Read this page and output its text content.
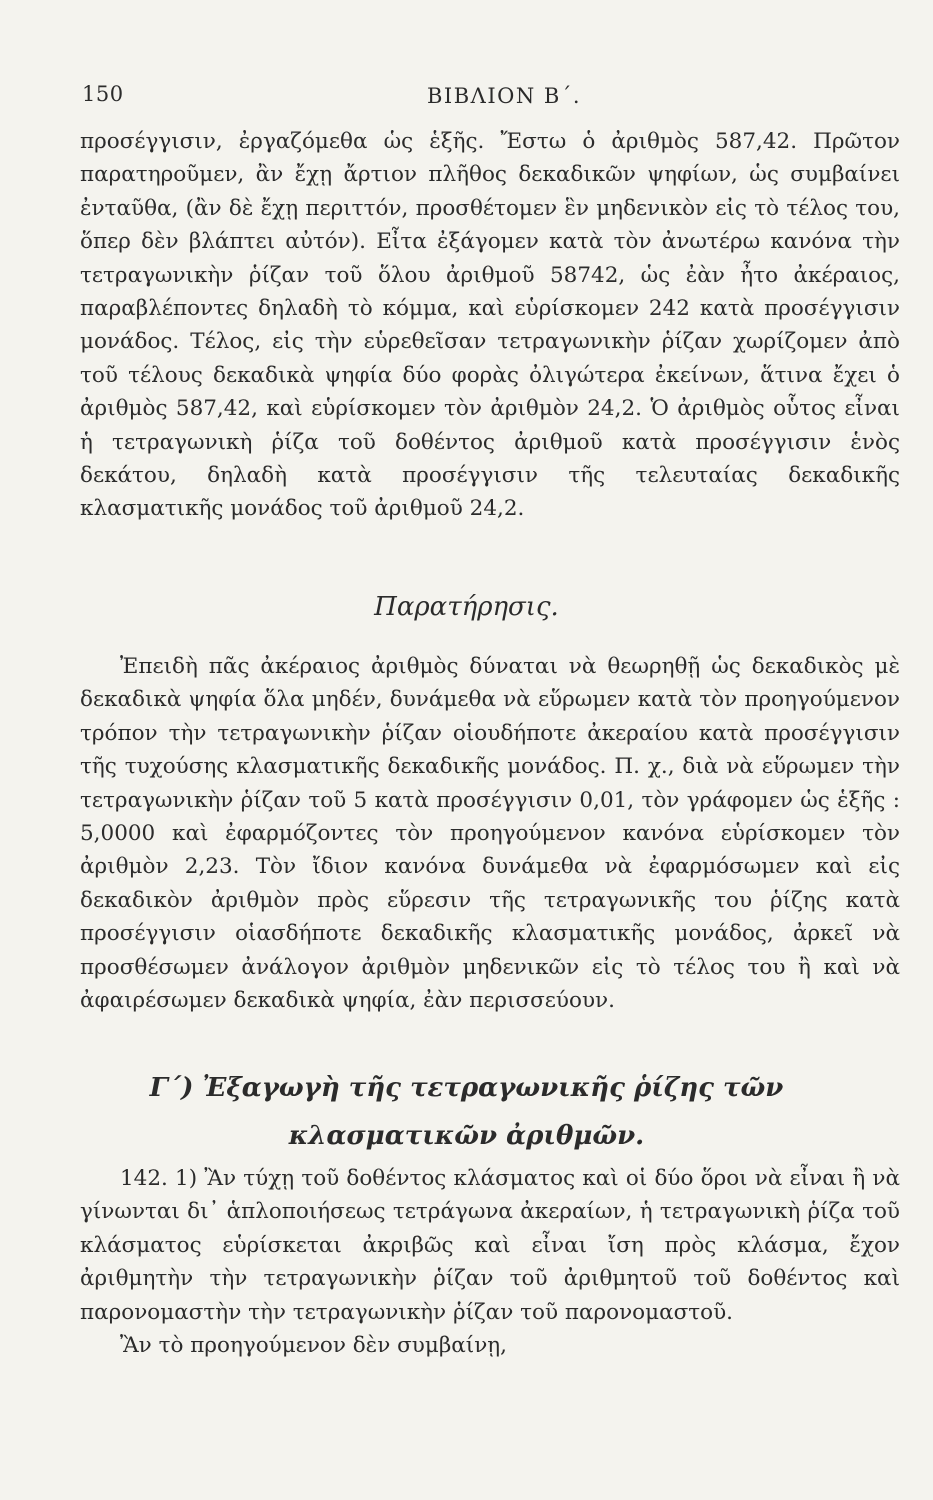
150	ΒΙΒΛΙΟΝ Β΄.

προσέγγισιν, ἐργαζόμεθα ὡς ἑξῆς. Ἔστω ὁ ἀριθμὸς 587,42. Πρῶτον παρατηροῦμεν, ἂν ἔχῃ ἄρτιον πλῆθος δεκαδικῶν ψηφίων, ὡς συμβαίνει ἐνταῦθα, (ἂν δὲ ἔχῃ περιττόν, προσθέτομεν ἓν μηδενικὸν εἰς τὸ τέλος του, ὅπερ δὲν βλάπτει αὐτόν). Εἶτα ἐξάγομεν κατὰ τὸν ἀνωτέρω κανόνα τὴν τετραγωνικὴν ῥίζαν τοῦ ὅλου ἀριθμοῦ 58742, ὡς ἐὰν ἦτο ἀκέραιος, παραβλέποντες δηλαδὴ τὸ κόμμα, καὶ εὑρίσκομεν 242 κατὰ προσέγγισιν μονάδος. Τέλος, εἰς τὴν εὑρεθεῖσαν τετραγωνικὴν ῥίζαν χωρίζομεν ἀπὸ τοῦ τέλους δεκαδικὰ ψηφία δύο φορὰς ὀλιγώτερα ἐκείνων, ἅτινα ἔχει ὁ ἀριθμὸς 587,42, καὶ εὑρίσκομεν τὸν ἀριθμὸν 24,2. Ὁ ἀριθμὸς οὗτος εἶναι ἡ τετραγωνικὴ ῥίζα τοῦ δοθέντος ἀριθμοῦ κατὰ προσέγγισιν ἑνὸς δεκάτου, δηλαδὴ κατὰ προσέγγισιν τῆς τελευταίας δεκαδικῆς κλασματικῆς μονάδος τοῦ ἀριθμοῦ 24,2.

Παρατήρησις.

Ἐπειδὴ πᾶς ἀκέραιος ἀριθμὸς δύναται νὰ θεωρηθῇ ὡς δεκαδικὸς μὲ δεκαδικὰ ψηφία ὅλα μηδέν, δυνάμεθα νὰ εὕρωμεν κατὰ τὸν προηγούμενον τρόπον τὴν τετραγωνικὴν ῥίζαν οἱουδήποτε ἀκεραίου κατὰ προσέγγισιν τῆς τυχούσης κλασματικῆς δεκαδικῆς μονάδος. Π. χ., διὰ νὰ εὕρωμεν τὴν τετραγωνικὴν ῥίζαν τοῦ 5 κατὰ προσέγγισιν 0,01, τὸν γράφομεν ὡς ἑξῆς : 5,0000 καὶ ἐφαρμόζοντες τὸν προηγούμενον κανόνα εὑρίσκομεν τὸν ἀριθμὸν 2,23. Τὸν ἴδιον κανόνα δυνάμεθα νὰ ἐφαρμόσωμεν καὶ εἰς δεκαδικὸν ἀριθμὸν πρὸς εὕρεσιν τῆς τετραγωνικῆς του ῥίζης κατὰ προσέγγισιν οἱασδήποτε δεκαδικῆς κλασματικῆς μονάδος, ἀρκεῖ νὰ προσθέσωμεν ἀνάλογον ἀριθμὸν μηδενικῶν εἰς τὸ τέλος του ἢ καὶ νὰ ἀφαιρέσωμεν δεκαδικὰ ψηφία, ἐὰν περισσεύουν.

Γ΄) Ἐξαγωγὴ τῆς τετραγωνικῆς ῥίζης τῶν
κλασματικῶν ἀριθμῶν.

142. 1) Ἂν τύχῃ τοῦ δοθέντος κλάσματος καὶ οἱ δύο ὅροι νὰ εἶναι ἢ νὰ γίνωνται δι᾿ ἁπλοποιήσεως τετράγωνα ἀκεραίων, ἡ τετραγωνικὴ ῥίζα τοῦ κλάσματος εὑρίσκεται ἀκριβῶς καὶ εἶναι ἴση πρὸς κλάσμα, ἔχον ἀριθμητὴν τὴν τετραγωνικὴν ῥίζαν τοῦ ἀριθμητοῦ τοῦ δοθέντος καὶ παρονομαστὴν τὴν τετραγωνικὴν ῥίζαν τοῦ παρονομαστοῦ.

Ἂν τὸ προηγούμενον δὲν συμβαίνῃ,
